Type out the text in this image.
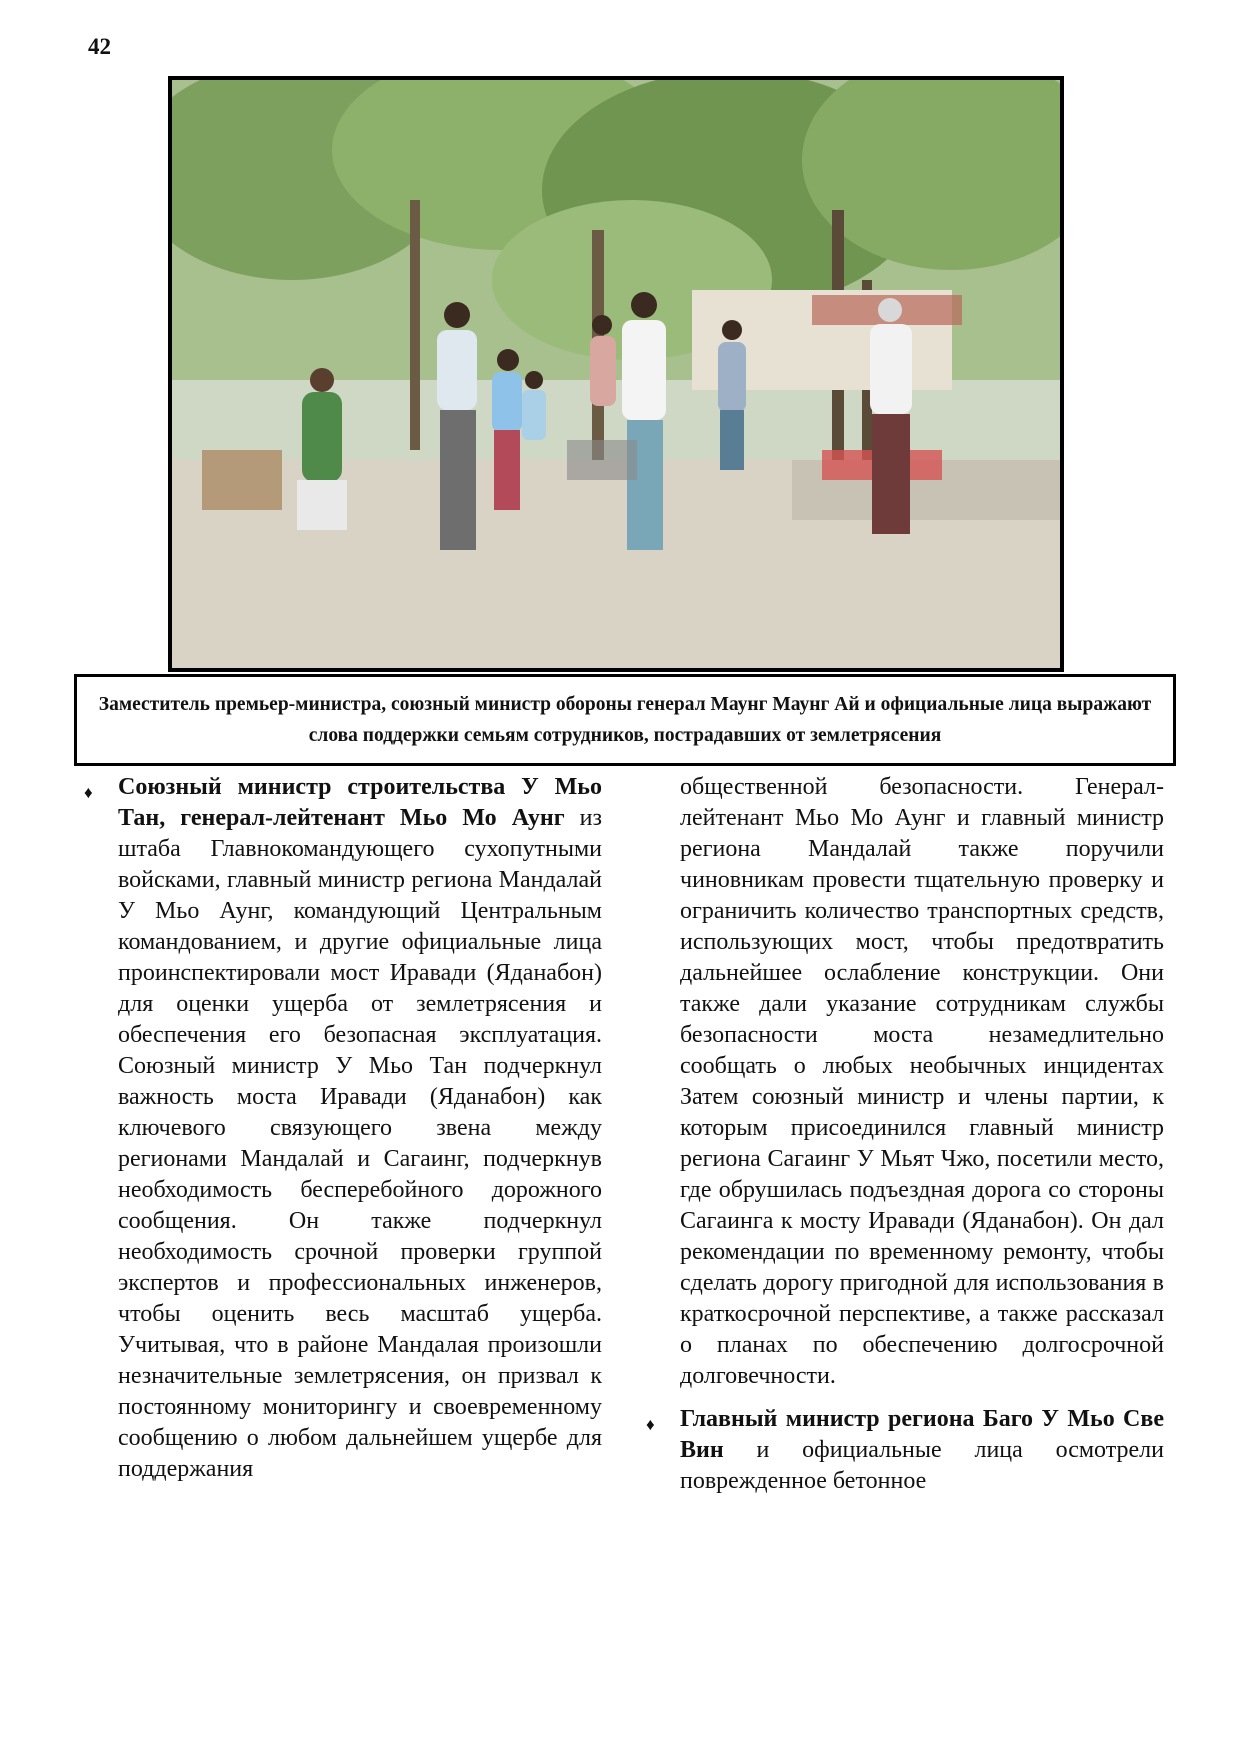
42
Заместитель премьер-министра, союзный министр обороны генерал Маунг Маунг Ай и официальные лица выражают слова поддержки семьям сотрудников, пострадавших от землетрясения

♦ Союзный министр строительства У Мьо Тан, генерал-лейтенант Мьо Мо Аунг из штаба Главнокомандующего сухопутными войсками, главный министр региона Мандалай У Мьо Аунг, командующий Центральным командованием, и другие официальные лица проинспектировали мост Иравади (Яданабон) для оценки ущерба от землетрясения и обеспечения его безопасная эксплуатация. Союзный министр У Мьо Тан подчеркнул важность моста Иравади (Яданабон) как ключевого связующего звена между регионами Мандалай и Сагаинг, подчеркнув необходимость бесперебойного дорожного сообщения. Он также подчеркнул необходимость срочной проверки группой экспертов и профессиональных инженеров, чтобы оценить весь масштаб ущерба. Учитывая, что в районе Мандалая произошли незначительные землетрясения, он призвал к постоянному мониторингу и своевременному сообщению о любом дальнейшем ущербе для поддержания

общественной безопасности. Генерал-лейтенант Мьо Мо Аунг и главный министр региона Мандалай также поручили чиновникам провести тщательную проверку и ограничить количество транспортных средств, использующих мост, чтобы предотвратить дальнейшее ослабление конструкции. Они также дали указание сотрудникам службы безопасности моста незамедлительно сообщать о любых необычных инцидентах Затем союзный министр и члены партии, к которым присоединился главный министр региона Сагаинг У Мьят Чжо, посетили место, где обрушилась подъездная дорога со стороны Сагаинга к мосту Иравади (Яданабон). Он дал рекомендации по временному ремонту, чтобы сделать дорогу пригодной для использования в краткосрочной перспективе, а также рассказал о планах по обеспечению долгосрочной долговечности.

♦ Главный министр региона Баго У Мьо Све Вин и официальные лица осмотрели поврежденное бетонное
